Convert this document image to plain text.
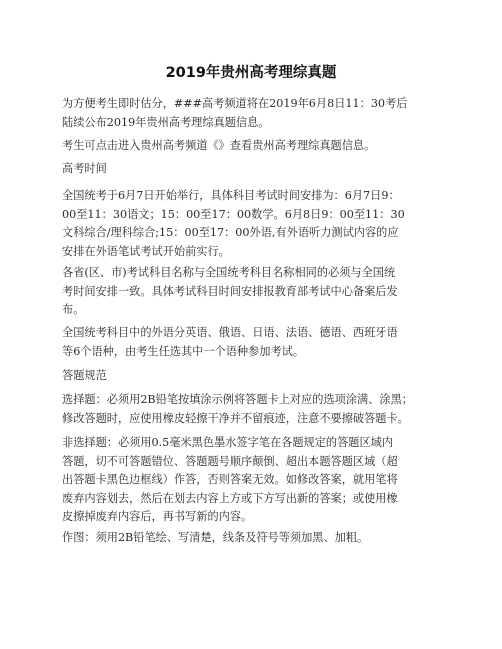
2019年贵州高考理综真题

为方便考生即时估分，###高考频道将在2019年6月8日11：30考后
陆续公布2019年贵州高考理综真题信息。

考生可点击进入贵州高考频道《》查看贵州高考理综真题信息。

高考时间

全国统考于6月7日开始举行，具体科目考试时间安排为：6月7日9：
00至11：30语文；15：00至17：00数学。6月8日9：00至11：30
文科综合/理科综合;15：00至17：00外语,有外语听力测试内容的应
安排在外语笔试考试开始前实行。

各省(区、市)考试科目名称与全国统考科目名称相同的必须与全国统
考时间安排一致。具体考试科目时间安排报教育部考试中心备案后发
布。

全国统考科目中的外语分英语、俄语、日语、法语、德语、西班牙语
等6个语种，由考生任选其中一个语种参加考试。

答题规范

选择题：必须用2B铅笔按填涂示例将答题卡上对应的选项涂满、涂黑；
修改答题时，应使用橡皮轻擦干净并不留痕迹，注意不要擦破答题卡。

非选择题：必须用0.5毫米黑色墨水签字笔在各题规定的答题区域内
答题，切不可答题错位、答题题号顺序颠倒、超出本题答题区域（超
出答题卡黑色边框线）作答，否则答案无效。如修改答案，就用笔将
废弃内容划去，然后在划去内容上方或下方写出新的答案；或使用橡
皮擦掉废弃内容后，再书写新的内容。

作图：须用2B铅笔绘、写清楚，线条及符号等须加黑、加粗。
